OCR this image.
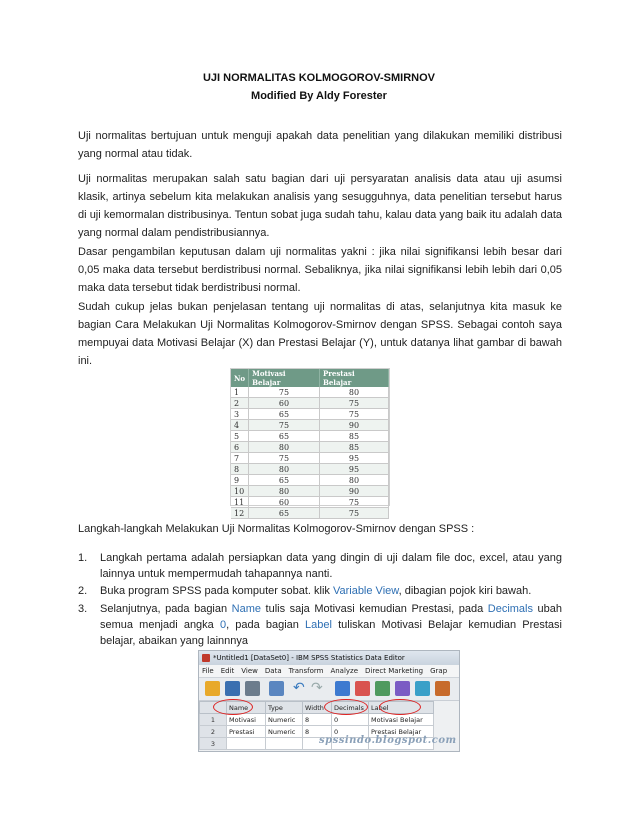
UJI NORMALITAS KOLMOGOROV-SMIRNOV
Modified By Aldy Forester
Uji normalitas bertujuan untuk menguji apakah data penelitian yang dilakukan memiliki distribusi yang normal atau tidak.
Uji normalitas merupakan salah satu bagian dari uji persyaratan analisis data atau uji asumsi klasik, artinya sebelum kita melakukan analisis yang sesugguhnya, data penelitian tersebut harus di uji kemormalan distribusinya. Tentun sobat juga sudah tahu, kalau data yang baik itu adalah data yang normal dalam pendistribusiannya.
Dasar pengambilan keputusan dalam uji normalitas yakni : jika nilai signifikansi lebih besar dari 0,05 maka data tersebut berdistribusi normal. Sebaliknya, jika nilai signifikansi lebih lebih dari 0,05 maka data tersebut tidak berdistribusi normal.
Sudah cukup jelas bukan penjelasan tentang uji normalitas di atas, selanjutnya kita masuk ke bagian Cara Melakukan Uji Normalitas Kolmogorov-Smirnov dengan SPSS. Sebagai contoh saya mempuyai data Motivasi Belajar (X) dan Prestasi Belajar (Y), untuk datanya lihat gambar di bawah ini.
No	Motivasi Belajar	Prestasi Belajar
1	75	80
2	60	75
3	65	75
4	75	90
5	65	85
6	80	85
7	75	95
8	80	95
9	65	80
10	80	90
11	60	75
12	65	75
Langkah-langkah Melakukan Uji Normalitas Kolmogorov-Smirnov dengan SPSS :
1. Langkah pertama adalah persiapkan data yang dingin di uji dalam file doc, excel, atau yang lainnya untuk mempermudah tahapannya nanti.
2. Buka program SPSS pada komputer sobat. klik Variable View, dibagian pojok kiri bawah.
3. Selanjutnya, pada bagian Name tulis saja Motivasi kemudian Prestasi, pada Decimals ubah semua menjadi angka 0, pada bagian Label tuliskan Motivasi Belajar kemudian Prestasi belajar, abaikan yang lainnnya
*Untitled1 [DataSet0] - IBM SPSS Statistics Data Editor
File Edit View Data Transform Analyze Direct Marketing Grap
↶ ↷
	Name	Type	Width	Decimals	Label
1	Motivasi	Numeric	8	0	Motivasi Belajar
2	Prestasi	Numeric	8	0	Prestasi Belajar
3						spssindo.blogspot.com
